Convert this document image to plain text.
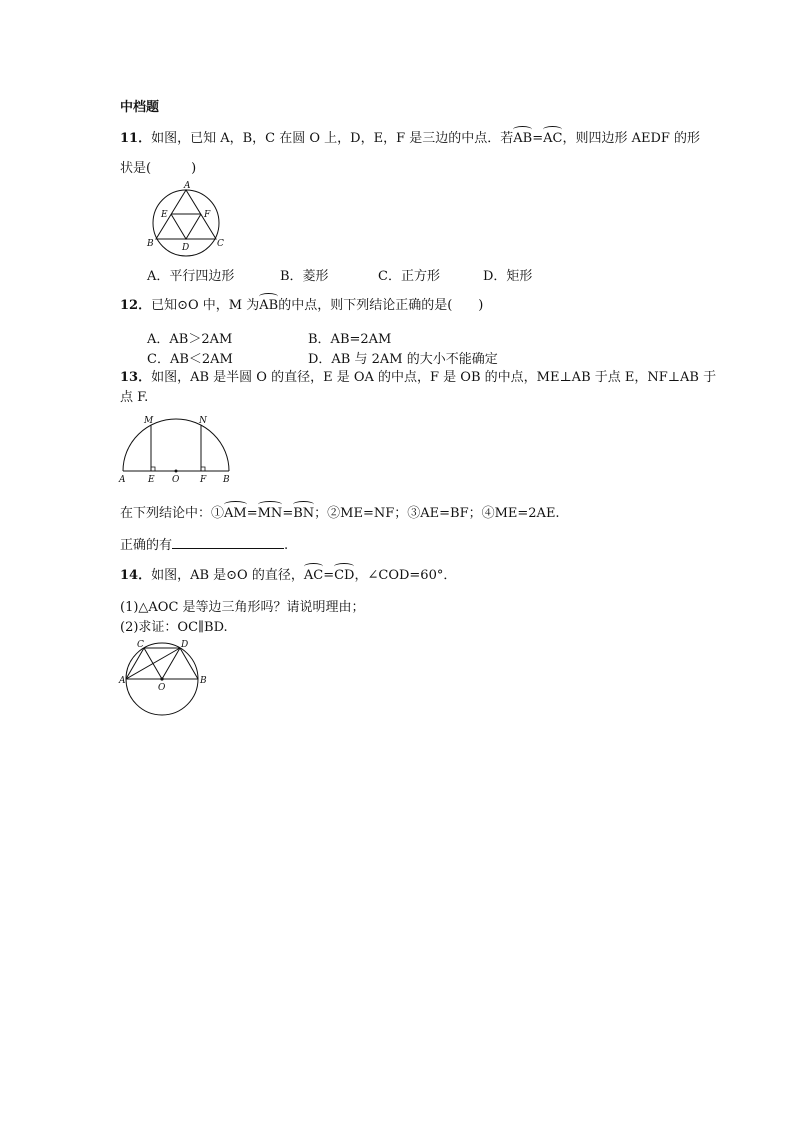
中档题
11．如图，已知 A，B，C 在圆 O 上，D，E，F 是三边的中点．若AB=AC，则四边形 AEDF 的形
状是(	)
A
E	F
B	D	C
A．平行四边形	B．菱形	C．正方形	D．矩形
12．已知⊙O 中，M 为AB的中点，则下列结论正确的是( )
A．AB＞2AM	B．AB=2AM
C．AB＜2AM	D．AB 与 2AM 的大小不能确定
13．如图，AB 是半圆 O 的直径，E 是 OA 的中点，F 是 OB 的中点，ME⊥AB 于点 E，NF⊥AB 于
点 F.
M	N
A	E O F B
在下列结论中：①AM=MN=BN；②ME=NF；③AE=BF；④ME=2AE.
正确的有	.
14．如图，AB 是⊙O 的直径，AC=CD，∠COD=60°．
(1)△AOC 是等边三角形吗？请说明理由；
(2)求证：OC∥BD.
C	D
A
O
B
